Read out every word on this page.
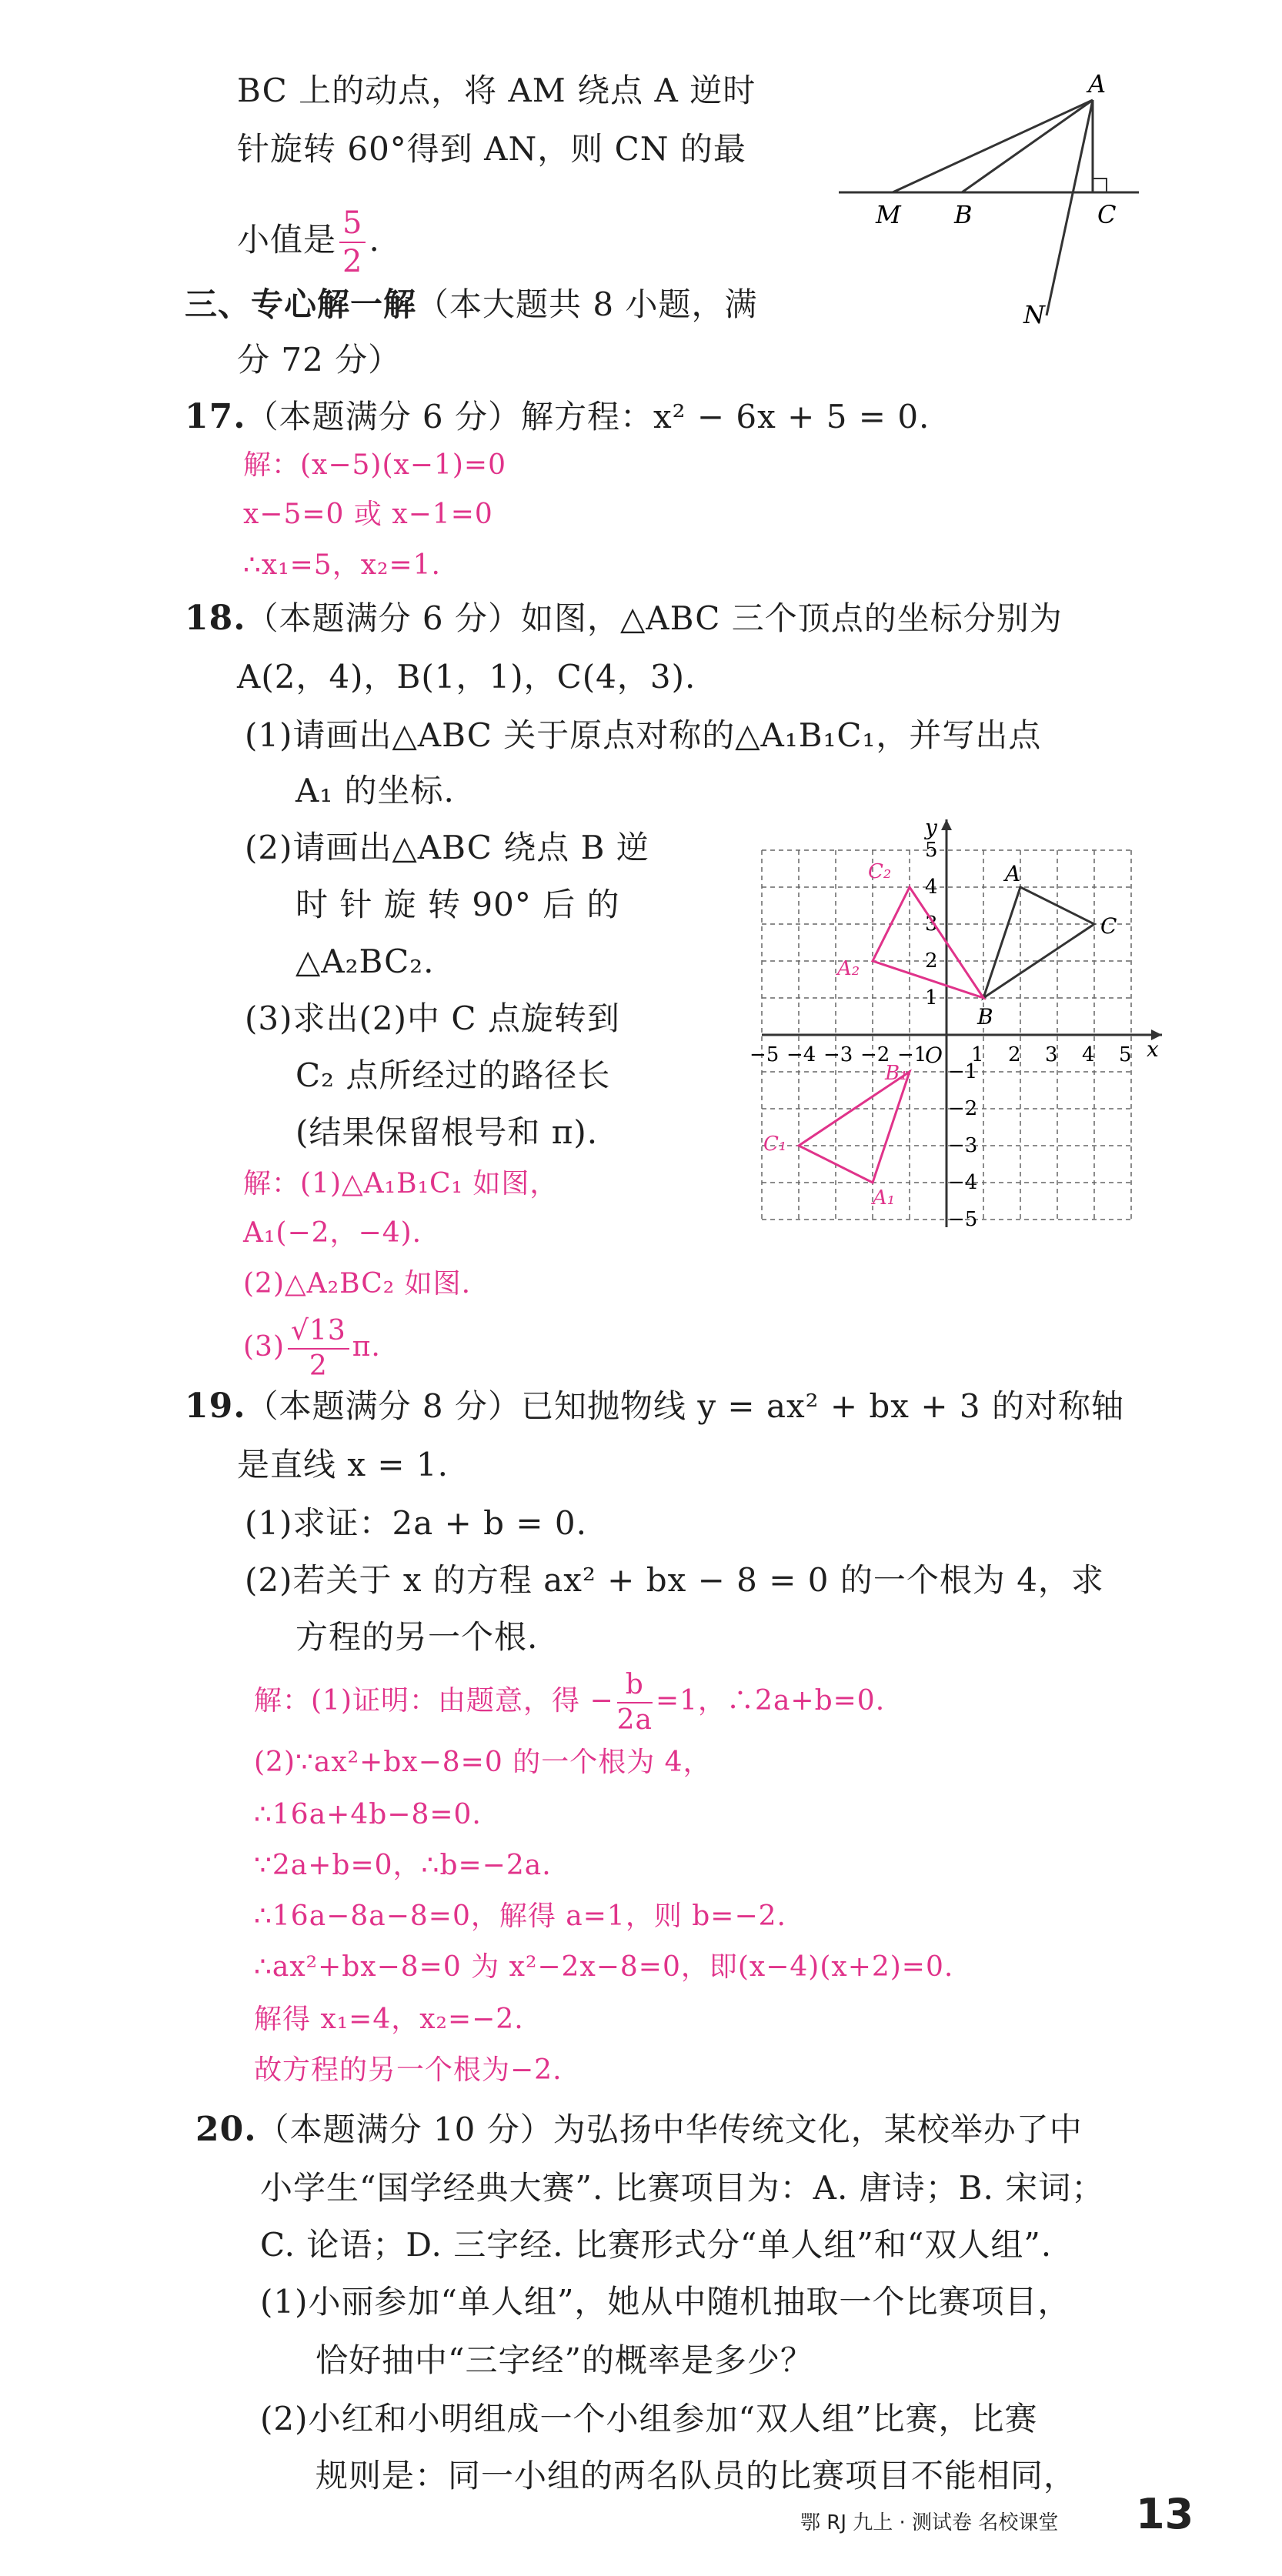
BC 上的动点，将 AM 绕点 A 逆时
针旋转 60°得到 AN，则 CN 的最
小值是 $\frac{5}{2}$ .
A
M B	C
N
三、专心解一解（本大题共 8 小题，满
分 72 分）
17.（本题满分 6 分）解方程：x² − 6x + 5 = 0.
解：(x−5)(x−1)=0
x−5=0 或 x−1=0
∴x₁=5，x₂=1.
18.（本题满分 6 分）如图，△ABC 三个顶点的坐标分别为
A(2，4)，B(1，1)，C(4，3).
(1)请画出△ABC 关于原点对称的△A₁B₁C₁，并写出点
A₁ 的坐标.
(2)请画出△ABC 绕点 B 逆
时 针 旋 转 90° 后 的
△A₂BC₂.
(3)求出(2)中 C 点旋转到
C₂ 点所经过的路径长
(结果保留根号和 π).
解：(1)△A₁B₁C₁ 如图，
A₁(−2，−4).
(2)△A₂BC₂ 如图.
$(3) \frac{√13}{2} \pi$.
x
y
O
−5 −4 −3 −2 −1 1 2 3 4 5
5
4
3
2
1
−1
−2
−3
−4
−5
A
B
C
A₁
B₁
C₁
A₂
C₂
19.（本题满分 8 分）已知抛物线 y = ax² + bx + 3 的对称轴
是直线 x = 1.
(1)求证：2a + b = 0.
(2)若关于 x 的方程 ax² + bx − 8 = 0 的一个根为 4，求
方程的另一个根.
解：(1)证明：由题意，得 − $\frac{b}{2a} =1$，∴2a+b=0.
(2)∵ax²+bx−8=0 的一个根为 4，
∴16a+4b−8=0.
∵2a+b=0，∴b=−2a.
∴16a−8a−8=0，解得 a=1，则 b=−2.
∴ax²+bx−8=0 为 x²−2x−8=0，即(x−4)(x+2)=0.
解得 x₁=4，x₂=−2.
故方程的另一个根为−2.
20.（本题满分 10 分）为弘扬中华传统文化，某校举办了中
小学生“国学经典大赛”. 比赛项目为：A. 唐诗；B. 宋词；
C. 论语；D. 三字经. 比赛形式分“单人组”和“双人组”.
(1)小丽参加“单人组”，她从中随机抽取一个比赛项目，
恰好抽中“三字经”的概率是多少？
(2)小红和小明组成一个小组参加“双人组”比赛，比赛
规则是：同一小组的两名队员的比赛项目不能相同，
鄂 RJ 九上 · 测试卷 名校课堂 13
